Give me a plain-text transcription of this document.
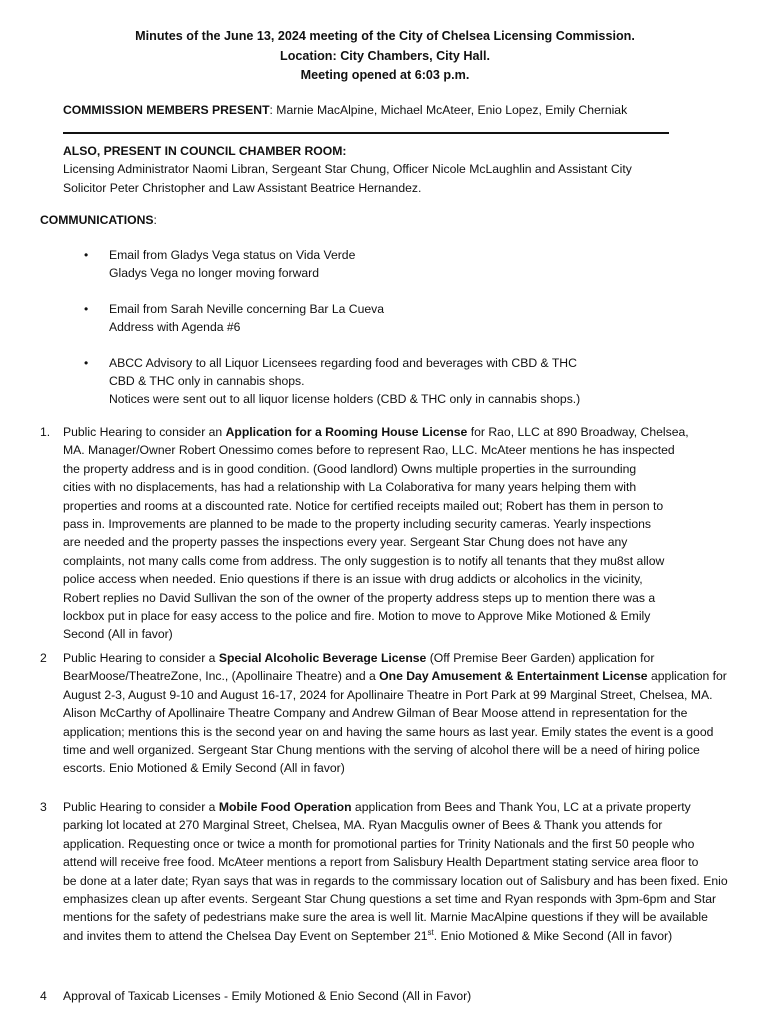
Minutes of the June 13, 2024 meeting of the City of Chelsea Licensing Commission.
Location: City Chambers, City Hall.
Meeting opened at 6:03 p.m.
COMMISSION MEMBERS PRESENT: Marnie MacAlpine, Michael McAteer, Enio Lopez, Emily Cherniak
ALSO, PRESENT IN COUNCIL CHAMBER ROOM:
Licensing Administrator Naomi Libran, Sergeant Star Chung, Officer Nicole McLaughlin and Assistant City
Solicitor Peter Christopher and Law Assistant Beatrice Hernandez.
COMMUNICATIONS:
• Email from Gladys Vega status on Vida Verde
Gladys Vega no longer moving forward
• Email from Sarah Neville concerning Bar La Cueva
Address with Agenda #6
• ABCC Advisory to all Liquor Licensees regarding food and beverages with CBD & THC
CBD & THC only in cannabis shops.
Notices were sent out to all liquor license holders (CBD & THC only in cannabis shops.)
1. Public Hearing to consider an Application for a Rooming House License for Rao, LLC at 890 Broadway, Chelsea,
MA. Manager/Owner Robert Onessimo comes before to represent Rao, LLC. McAteer mentions he has inspected
the property address and is in good condition. (Good landlord) Owns multiple properties in the surrounding
cities with no displacements, has had a relationship with La Colaborativa for many years helping them with
properties and rooms at a discounted rate. Notice for certified receipts mailed out; Robert has them in person to
pass in. Improvements are planned to be made to the property including security cameras. Yearly inspections
are needed and the property passes the inspections every year. Sergeant Star Chung does not have any
complaints, not many calls come from address. The only suggestion is to notify all tenants that they mu8st allow
police access when needed. Enio questions if there is an issue with drug addicts or alcoholics in the vicinity,
Robert replies no David Sullivan the son of the owner of the property address steps up to mention there was a
lockbox put in place for easy access to the police and fire. Motion to move to Approve Mike Motioned & Emily
Second (All in favor)
2 Public Hearing to consider a Special Alcoholic Beverage License (Off Premise Beer Garden) application for
BearMoose/TheatreZone, Inc., (Apollinaire Theatre) and a One Day Amusement & Entertainment License application for
August 2-3, August 9-10 and August 16-17, 2024 for Apollinaire Theatre in Port Park at 99 Marginal Street, Chelsea, MA.
Alison McCarthy of Apollinaire Theatre Company and Andrew Gilman of Bear Moose attend in representation for the
application; mentions this is the second year on and having the same hours as last year. Emily states the event is a good
time and well organized. Sergeant Star Chung mentions with the serving of alcohol there will be a need of hiring police
escorts. Enio Motioned & Emily Second (All in favor)
3 Public Hearing to consider a Mobile Food Operation application from Bees and Thank You, LC at a private property
parking lot located at 270 Marginal Street, Chelsea, MA. Ryan Macgulis owner of Bees & Thank you attends for
application. Requesting once or twice a month for promotional parties for Trinity Nationals and the first 50 people who
attend will receive free food. McAteer mentions a report from Salisbury Health Department stating service area floor to
be done at a later date; Ryan says that was in regards to the commissary location out of Salisbury and has been fixed. Enio
emphasizes clean up after events. Sergeant Star Chung questions a set time and Ryan responds with 3pm-6pm and Star
mentions for the safety of pedestrians make sure the area is well lit. Marnie MacAlpine questions if they will be available
and invites them to attend the Chelsea Day Event on September 21st. Enio Motioned & Mike Second (All in favor)
4 Approval of Taxicab Licenses - Emily Motioned & Enio Second (All in Favor)
